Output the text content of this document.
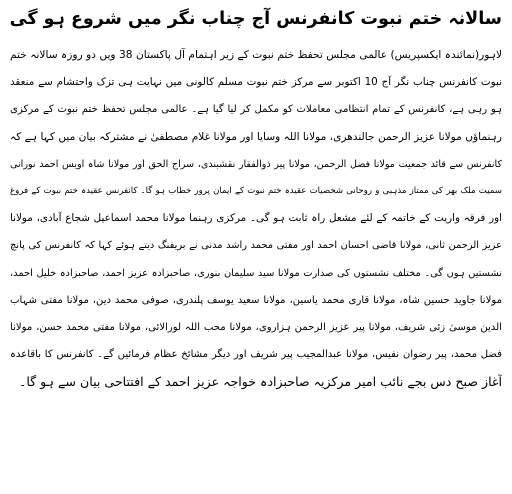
سالانہ ختم نبوت کانفرنس آج چناب نگر میں شروع ہو گی
لاہور(نمائندہ ایکسپریس) عالمی مجلس تحفظ ختم نبوت کے زیر اہتمام آل پاکستان 38 ویں دو روزہ سالانہ ختم
نبوت کانفرنس چناب نگر آج 10 اکتوبر سے مرکز ختم نبوت مسلم کالونی میں نہایت ہی تزک واحتشام سے منعقد
ہو رہی ہے، کانفرنس کے تمام انتظامی معاملات کو مکمل کر لیا گیا ہے۔ عالمی مجلس تحفظ ختم نبوت کے مرکزی
رہنماؤں مولانا عزیز الرحمن جالندھری، مولانا اللہ وسایا اور مولانا غلام مصطفیٰ نے مشترکہ بیان میں کہا ہے کہ
کانفرنس سے قائد جمعیت مولانا فضل الرحمن، مولانا پیر ذوالفقار نقشبندی، سراج الحق اور مولانا شاہ اویس احمد نورانی
سمیت ملک بھر کی ممتاز مذہبی و روحانی شخصیات عقیدہ ختم نبوت کے ایمان پرور خطاب ہو گا۔ کانفرنس عقیدہ ختم نبوت کے فروغ
اور فرقہ واریت کے خاتمہ کے لئے مشعل راہ ثابت ہو گی۔ مرکزی رہنما مولانا محمد اسماعیل شجاع آبادی، مولانا
عزیز الرحمن ثانی، مولانا قاضی احسان احمد اور مفتی محمد راشد مدنی نے بریفنگ دیتے ہوئے کہا کہ کانفرنس کی پانچ
نشستیں ہوں گی۔ مختلف نشستوں کی صدارت مولانا سید سلیمان بنوری، صاحبزادہ عزیز احمد، صاحبزادہ خلیل احمد،
مولانا جاوید حسین شاہ، مولانا قاری محمد یاسین، مولانا سعید یوسف پلندری، صوفی محمد دین، مولانا مفتی شہاب
الدین موسیٰ زئی شریف، مولانا پیر عزیز الرحمن ہزاروی، مولانا محب اللہ لورالائی، مولانا مفتی محمد حسن، مولانا
فضل محمد، پیر رضوان نفیس، مولانا عبدالمجیب پیر شریف اور دیگر مشائخ عظام فرمائیں گے۔ کانفرنس کا باقاعدہ
آغاز صبح دس بجے نائب امیر مرکزیہ صاحبزادہ خواجہ عزیز احمد کے افتتاحی بیان سے ہو گا۔
